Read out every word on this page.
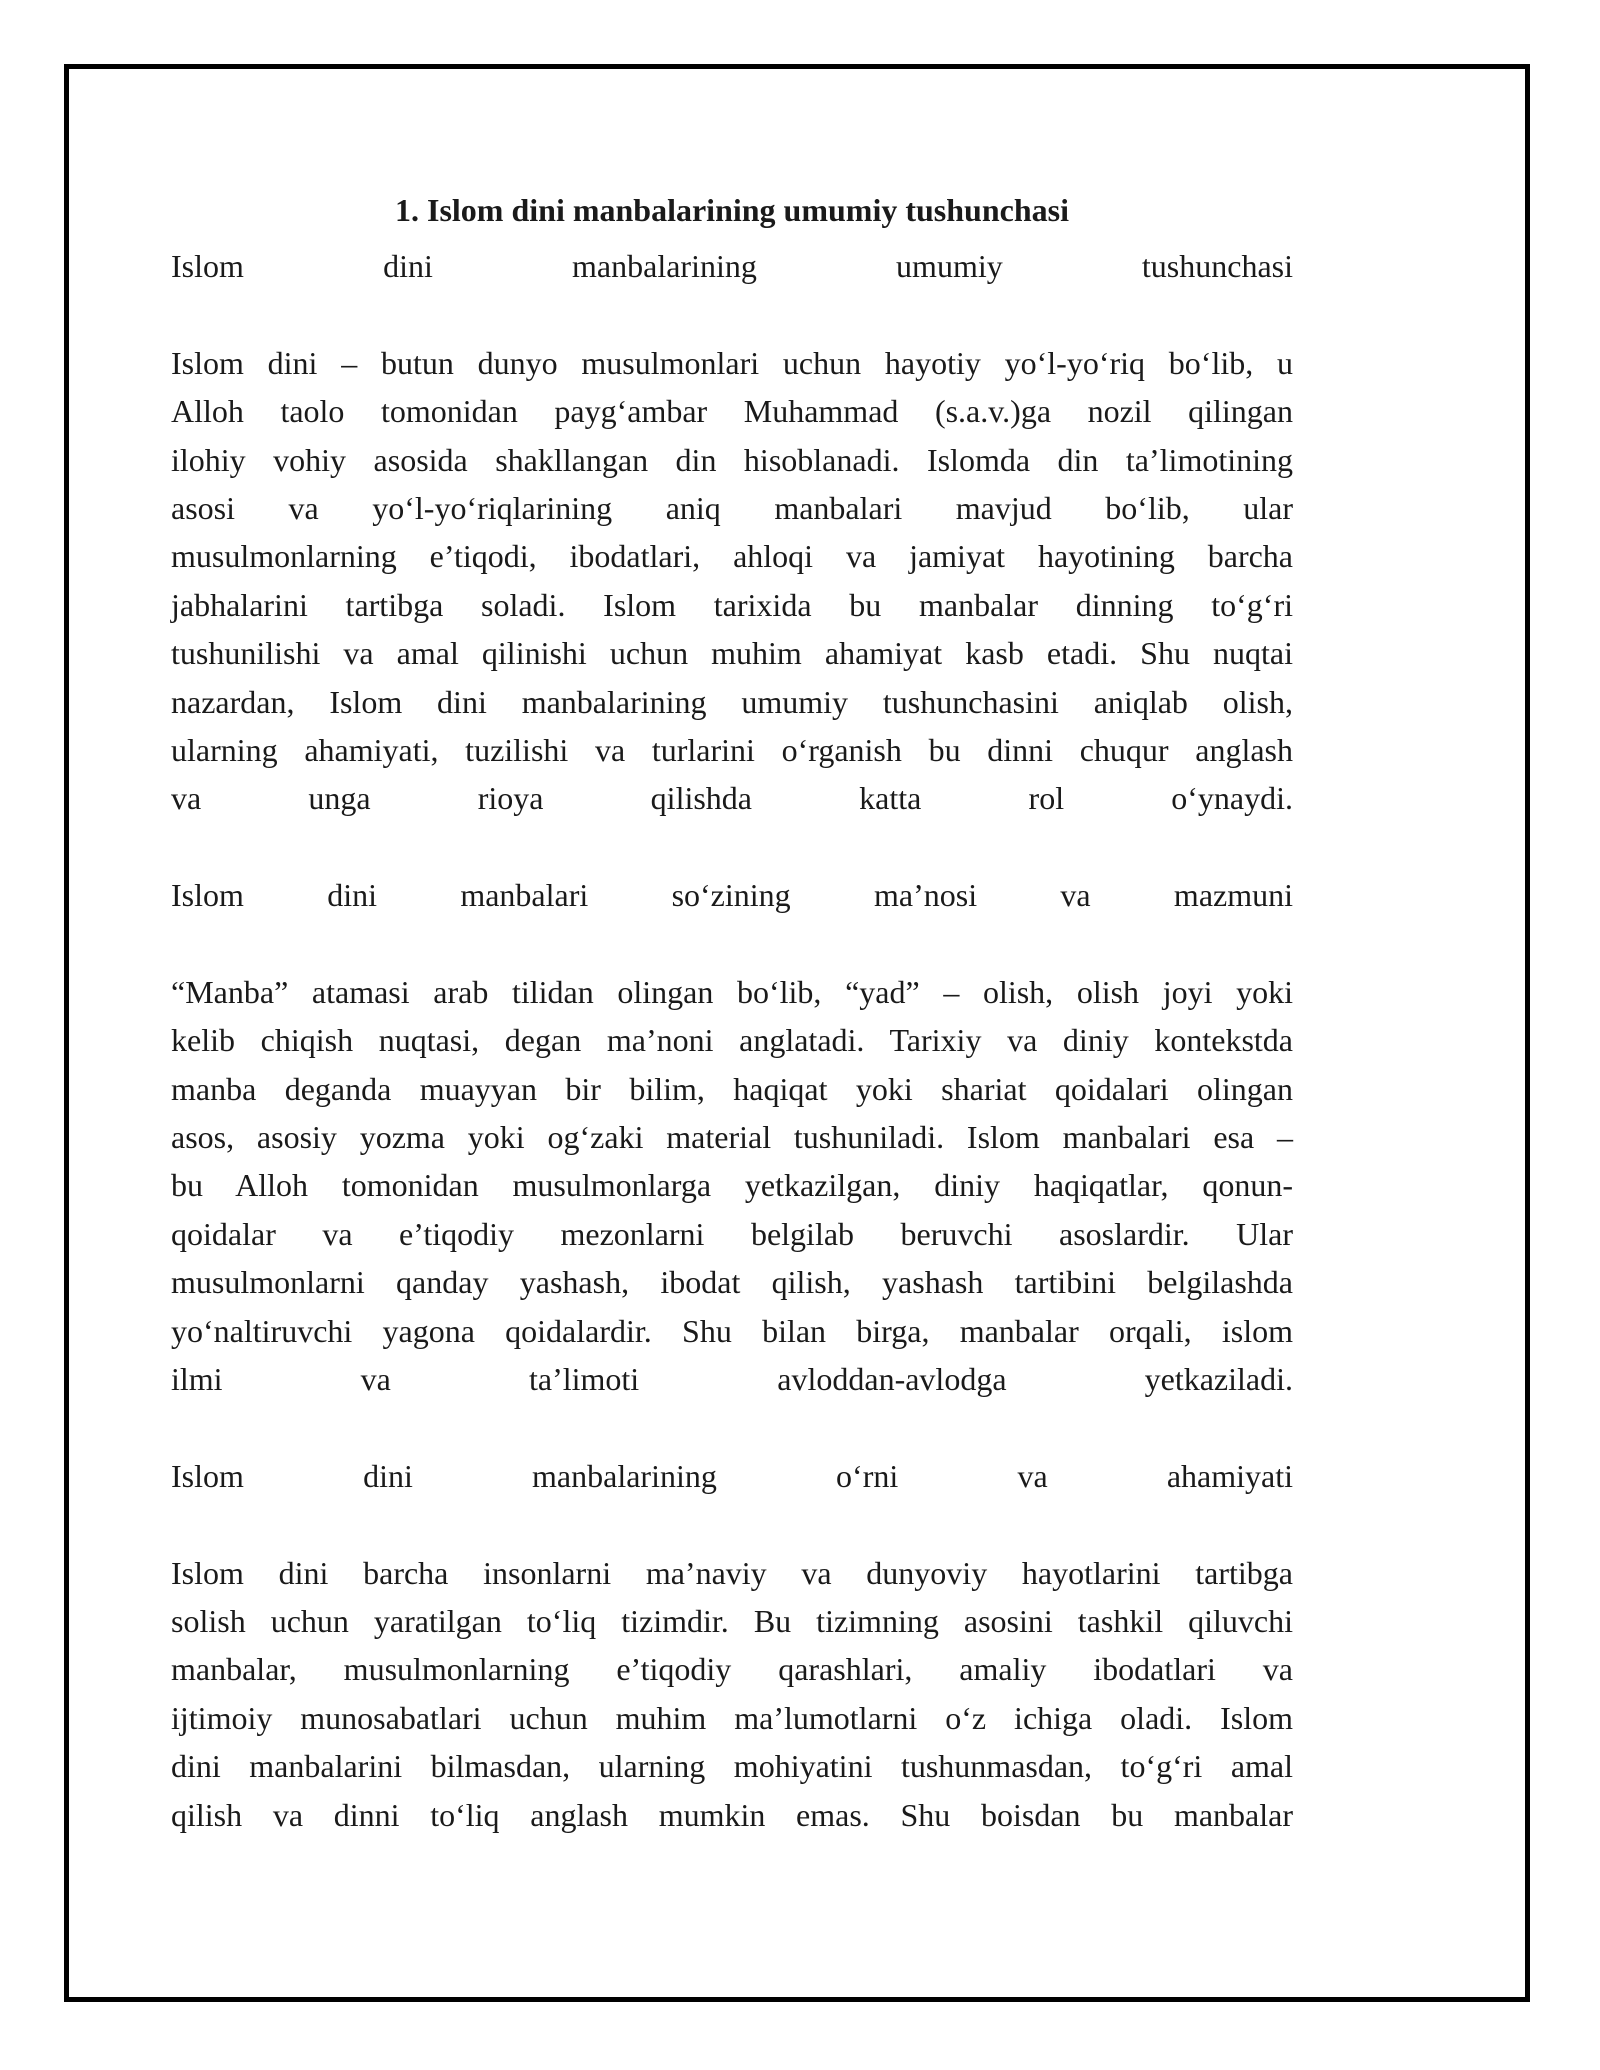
1. Islom dini manbalarining umumiy tushunchasi
Islom dini manbalarining umumiy tushunchasi
Islom dini – butun dunyo musulmonlari uchun hayotiy yo‘l-yo‘riq bo‘lib, u
Alloh taolo tomonidan payg‘ambar Muhammad (s.a.v.)ga nozil qilingan
ilohiy vohiy asosida shakllangan din hisoblanadi. Islomda din ta’limotining
asosi va yo‘l-yo‘riqlarining aniq manbalari mavjud bo‘lib, ular
musulmonlarning e’tiqodi, ibodatlari, ahloqi va jamiyat hayotining barcha
jabhalarini tartibga soladi. Islom tarixida bu manbalar dinning to‘g‘ri
tushunilishi va amal qilinishi uchun muhim ahamiyat kasb etadi. Shu nuqtai
nazardan, Islom dini manbalarining umumiy tushunchasini aniqlab olish,
ularning ahamiyati, tuzilishi va turlarini o‘rganish bu dinni chuqur anglash
va unga rioya qilishda katta rol o‘ynaydi.
Islom dini manbalari so‘zining ma’nosi va mazmuni
“Manba” atamasi arab tilidan olingan bo‘lib, “yad” – olish, olish joyi yoki
kelib chiqish nuqtasi, degan ma’noni anglatadi. Tarixiy va diniy kontekstda
manba deganda muayyan bir bilim, haqiqat yoki shariat qoidalari olingan
asos, asosiy yozma yoki og‘zaki material tushuniladi. Islom manbalari esa –
bu Alloh tomonidan musulmonlarga yetkazilgan, diniy haqiqatlar, qonun-
qoidalar va e’tiqodiy mezonlarni belgilab beruvchi asoslardir. Ular
musulmonlarni qanday yashash, ibodat qilish, yashash tartibini belgilashda
yo‘naltiruvchi yagona qoidalardir. Shu bilan birga, manbalar orqali, islom
ilmi va ta’limoti avloddan-avlodga yetkaziladi.
Islom dini manbalarining o‘rni va ahamiyati
Islom dini barcha insonlarni ma’naviy va dunyoviy hayotlarini tartibga
solish uchun yaratilgan to‘liq tizimdir. Bu tizimning asosini tashkil qiluvchi
manbalar, musulmonlarning e’tiqodiy qarashlari, amaliy ibodatlari va
ijtimoiy munosabatlari uchun muhim ma’lumotlarni o‘z ichiga oladi. Islom
dini manbalarini bilmasdan, ularning mohiyatini tushunmasdan, to‘g‘ri amal
qilish va dinni to‘liq anglash mumkin emas. Shu boisdan bu manbalar
